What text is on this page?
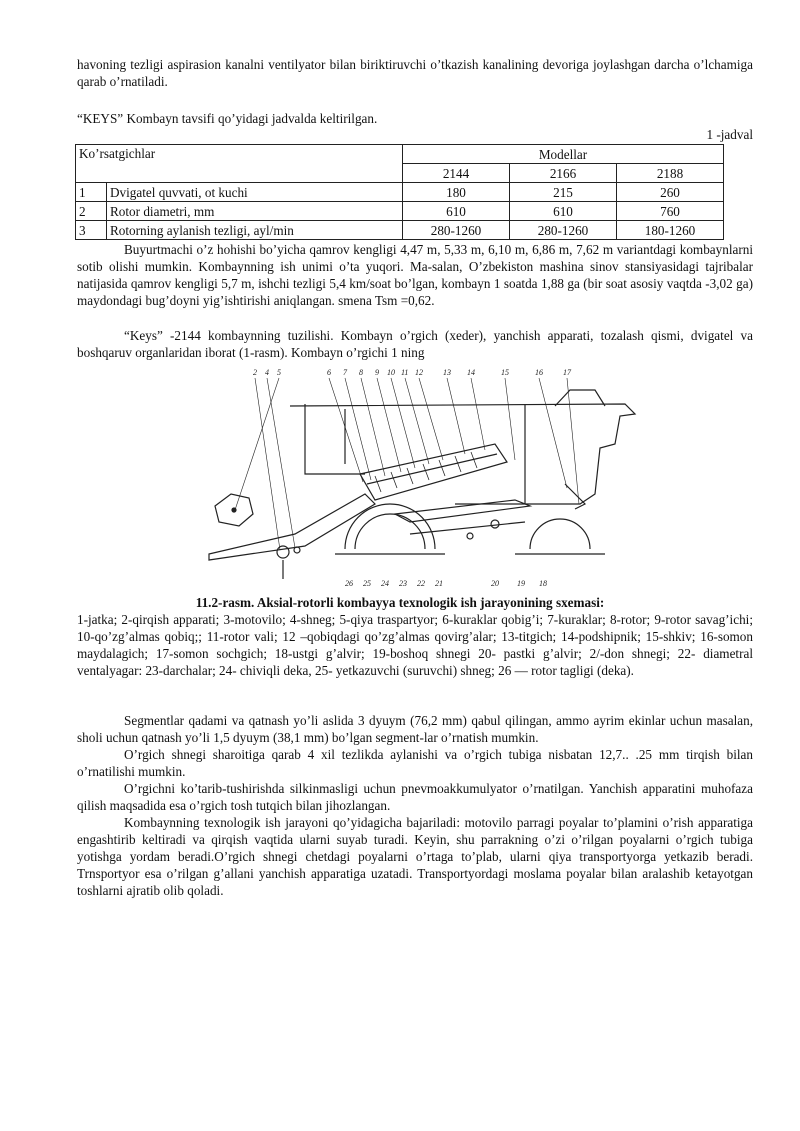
havoning tezligi aspirasion kanalni ventilyator bilan biriktiruvchi o’tkazish kanalining devoriga joylashgan darcha o’lchamiga qarab o’rnatiladi.

“KEYS” Kombayn tavsifi qo’yidagi jadvalda keltirilgan.

1 -jadval

Ko’rsatgichlar		Modellar		
		2144	2166	2188
1	Dvigatel quvvati, ot kuchi	180	215	260
2	Rotor diametri, mm	610	610	760
3	Rotorning aylanish tezligi, ayl/min	280-1260	280-1260	180-1260

Buyurtmachi o’z hohishi bo’yicha qamrov kengligi 4,47 m, 5,33 m, 6,10 m, 6,86 m, 7,62 m variantdagi kombaynlarni sotib olishi mumkin. Kombaynning ish unimi o’ta yuqori. Ma-salan, O’zbekiston mashina sinov stansiyasidagi tajribalar natijasida qamrov kengligi 5,7 m, ishchi tezligi 5,4 km/soat bo’lgan, kombayn 1 soatda 1,88 ga (bir soat asosiy vaqtda -3,02 ga) maydondagi bug’doyni yig’ishtirishi aniqlangan. smena Tsm =0,62.

“Keys” -2144 kombaynning tuzilishi. Kombayn o’rgich (xeder), yanchish apparati, tozalash qismi, dvigatel va boshqaruv organlaridan iborat (1-rasm). Kombayn o’rgichi 1 ning

2 4 5	6 7 8 9 10 11 12	13 14	15	16	17
26 25 24 23 22 21	20 19 18
11.2-rasm. Aksial-rotorli kombayya texnologik ish jarayonining sxemasi:

1-jatka; 2-qirqish apparati; 3-motovilo; 4-shneg; 5-qiya traspartyor; 6-kuraklar qobig’i; 7-kuraklar; 8-rotor; 9-rotor savag’ichi; 10-qo’zg’almas qobiq;; 11-rotor vali; 12 –qobiqdagi qo’zg’almas qovirg’alar; 13-titgich; 14-podshipnik; 15-shkiv; 16-somon maydalagich; 17-somon sochgich; 18-ustgi g’alvir; 19-boshoq shnegi 20- pastki g’alvir; 2/-don shnegi; 22- diametral ventalyagar: 23-darchalar; 24- chiviqli deka, 25- yetkazuvchi (suruvchi) shneg; 26 — rotor tagligi (deka).

Segmentlar qadami va qatnash yo’li aslida 3 dyuym (76,2 mm) qabul qilingan, ammo ayrim ekinlar uchun masalan, sholi uchun qatnash yo’li 1,5 dyuym (38,1 mm) bo’lgan segment-lar o’rnatish mumkin.

O’rgich shnegi sharoitiga qarab 4 xil tezlikda aylanishi va o’rgich tubiga nisbatan 12,7.. .25 mm tirqish bilan o’rnatilishi mumkin.

O’rgichni ko’tarib-tushirishda silkinmasligi uchun pnevmoakkumulyator o’rnatilgan. Yanchish apparatini muhofaza qilish maqsadida esa o’rgich tosh tutqich bilan jihozlangan.

Kombaynning texnologik ish jarayoni qo’yidagicha bajariladi: motovilo parragi poyalar to’plamini o’rish apparatiga engashtirib keltiradi va qirqish vaqtida ularni suyab turadi. Keyin, shu parrakning o’zi o’rilgan poyalarni o’rgich tubiga yotishga yordam beradi.O’rgich shnegi chetdagi poyalarni o’rtaga to’plab, ularni qiya transportyorga yetkazib beradi. Trnsportyor esa o’rilgan g’allani yanchish apparatiga uzatadi. Transportyordagi moslama poyalar bilan aralashib ketayotgan toshlarni ajratib olib qoladi.
